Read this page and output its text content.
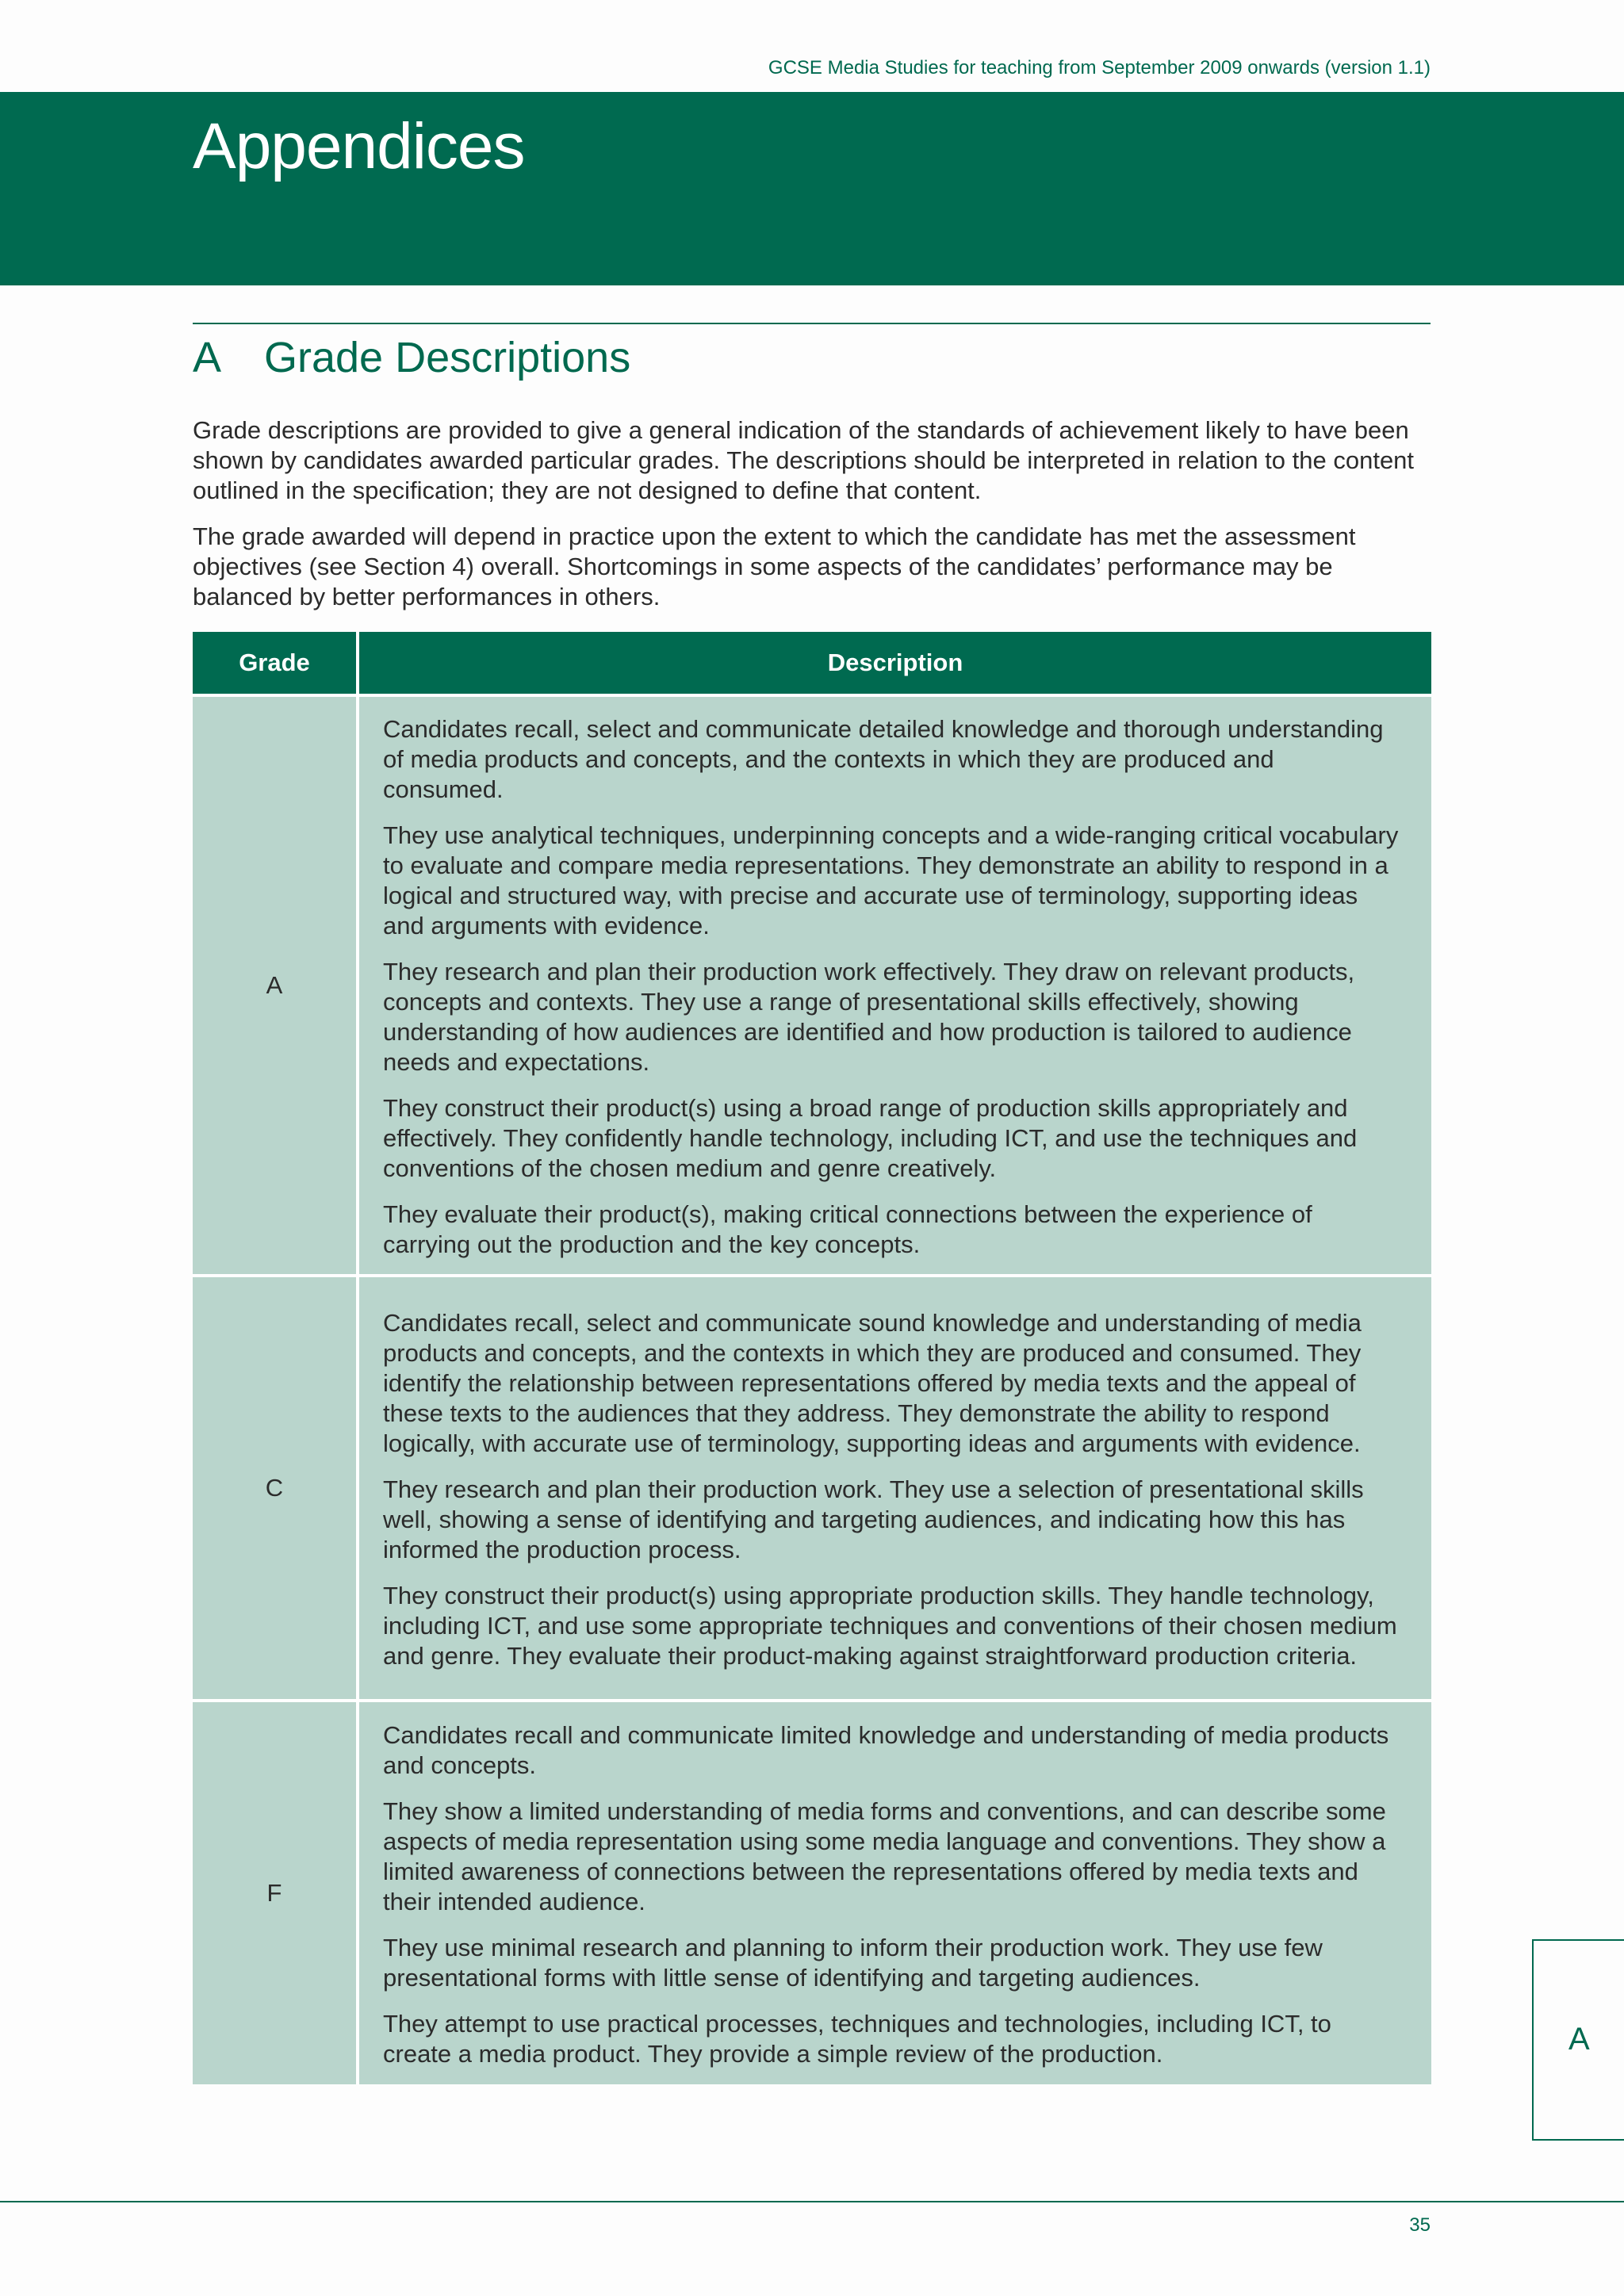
GCSE Media Studies for teaching from September 2009 onwards (version 1.1)
Appendices
A Grade Descriptions

Grade descriptions are provided to give a general indication of the standards of achievement likely to have been shown by candidates awarded particular grades. The descriptions should be interpreted in relation to the content outlined in the specification; they are not designed to define that content.

The grade awarded will depend in practice upon the extent to which the candidate has met the assessment objectives (see Section 4) overall. Shortcomings in some aspects of the candidates’ performance may be balanced by better performances in others.

Grade	Description
A	Candidates recall, select and communicate detailed knowledge and thorough understanding of media products and concepts, and the contexts in which they are produced and consumed.

They use analytical techniques, underpinning concepts and a wide-ranging critical vocabulary to evaluate and compare media representations. They demonstrate an ability to respond in a logical and structured way, with precise and accurate use of terminology, supporting ideas and arguments with evidence.

They research and plan their production work effectively. They draw on relevant products, concepts and contexts. They use a range of presentational skills effectively, showing understanding of how audiences are identified and how production is tailored to audience needs and expectations.

They construct their product(s) using a broad range of production skills appropriately and effectively. They confidently handle technology, including ICT, and use the techniques and conventions of the chosen medium and genre creatively.

They evaluate their product(s), making critical connections between the experience of carrying out the production and the key concepts.

C	Candidates recall, select and communicate sound knowledge and understanding of media products and concepts, and the contexts in which they are produced and consumed. They identify the relationship between representations offered by media texts and the appeal of these texts to the audiences that they address. They demonstrate the ability to respond logically, with accurate use of terminology, supporting ideas and arguments with evidence.

They research and plan their production work. They use a selection of presentational skills well, showing a sense of identifying and targeting audiences, and indicating how this has informed the production process.

They construct their product(s) using appropriate production skills. They handle technology, including ICT, and use some appropriate techniques and conventions of their chosen medium and genre. They evaluate their product-making against straightforward production criteria.

F	Candidates recall and communicate limited knowledge and understanding of media products and concepts.

They show a limited understanding of media forms and conventions, and can describe some aspects of media representation using some media language and conventions. They show a limited awareness of connections between the representations offered by media texts and their intended audience.

They use minimal research and planning to inform their production work. They use few presentational forms with little sense of identifying and targeting audiences.

They attempt to use practical processes, techniques and technologies, including ICT, to create a media product. They provide a simple review of the production.	A
35
